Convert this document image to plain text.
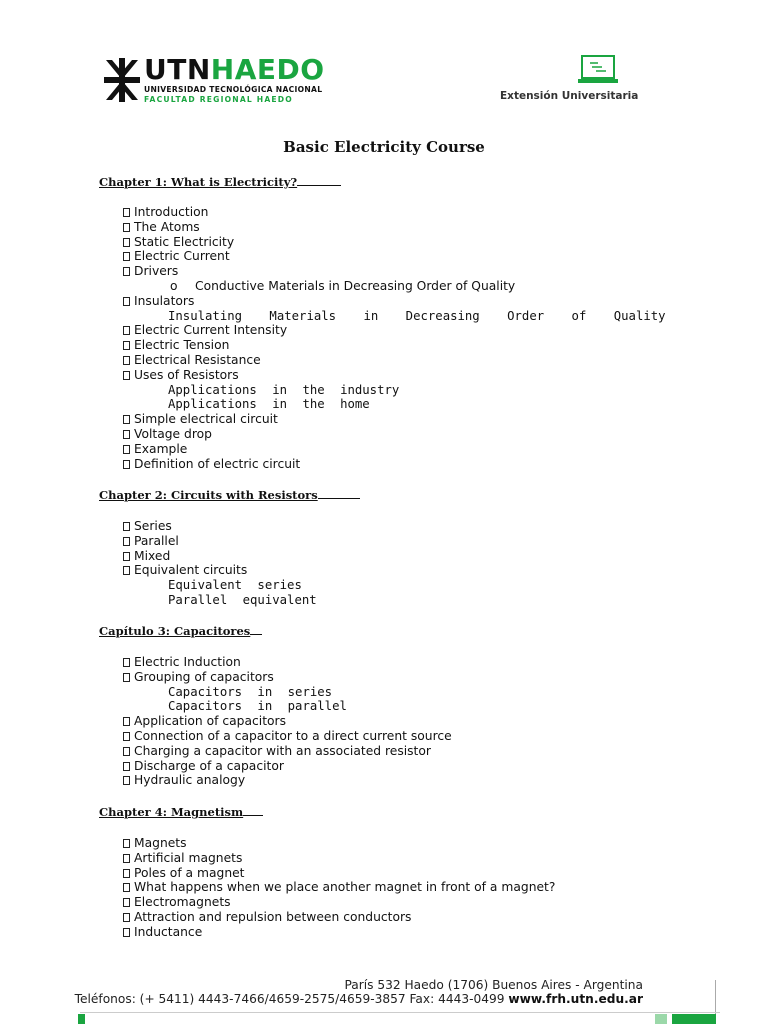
UTNHAEDO
UNIVERSIDAD TECNOLÓGICA NACIONAL
FACULTAD REGIONAL HAEDO	Extensión Universitaria
Basic Electricity Course
Chapter 1: What is Electricity?
Introduction
The Atoms
Static Electricity
Electric Current
Drivers
o Conductive Materials in Decreasing Order of Quality
Insulators
Insulating Materials in Decreasing Order of Quality
Electric Current Intensity
Electric Tension
Electrical Resistance
Uses of Resistors
Applications in the industry
Applications in the home
Simple electrical circuit
Voltage drop
Example
Definition of electric circuit
Chapter 2: Circuits with Resistors
Series
Parallel
Mixed
Equivalent circuits
Equivalent series
Parallel equivalent
Capítulo 3: Capacitores
Electric Induction
Grouping of capacitors
Capacitors in series
Capacitors in parallel
Application of capacitors
Connection of a capacitor to a direct current source
Charging a capacitor with an associated resistor
Discharge of a capacitor
Hydraulic analogy
Chapter 4: Magnetism
Magnets
Artificial magnets
Poles of a magnet
What happens when we place another magnet in front of a magnet?
Electromagnets
Attraction and repulsion between conductors
Inductance
París 532 Haedo (1706) Buenos Aires - Argentina
Teléfonos: (+ 5411) 4443-7466/4659-2575/4659-3857 Fax: 4443-0499 www.frh.utn.edu.ar
